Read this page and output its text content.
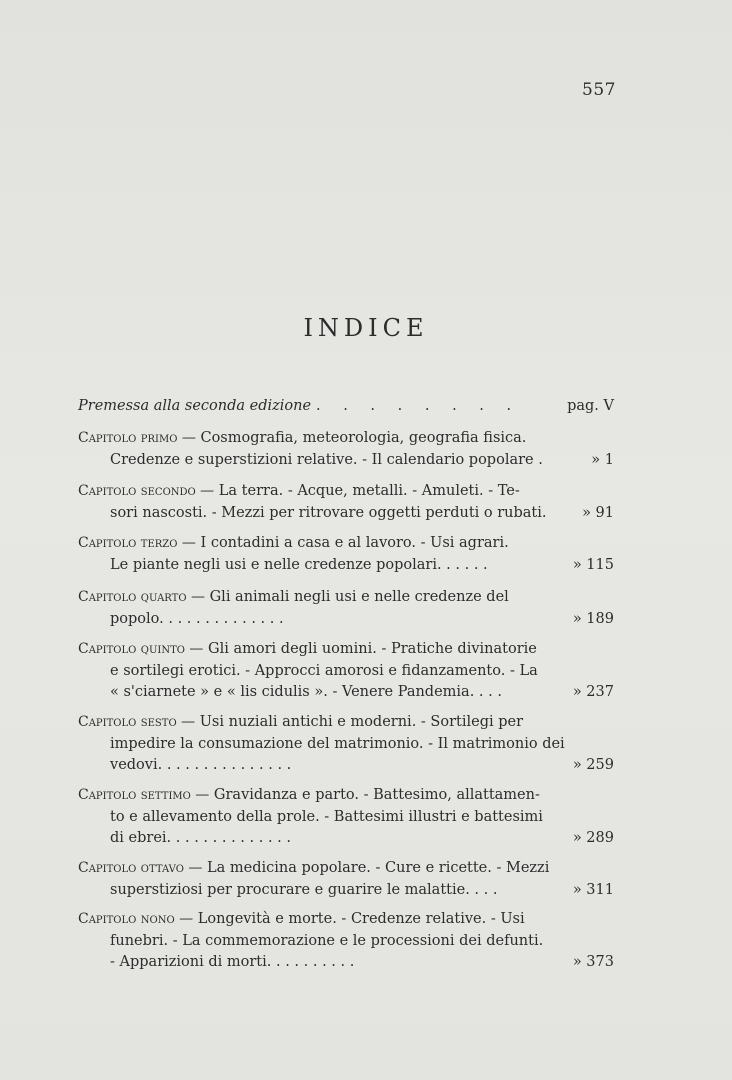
557
INDICE
Premessa alla seconda edizione . . . . . . . .	pag. V
Capitolo primo — Cosmografia, meteorologia, geografia fisica.
Credenze e superstizioni relative. - Il calendario popolare .	» 1
Capitolo secondo — La terra. - Acque, metalli. - Amuleti. - Te-
sori nascosti. - Mezzi per ritrovare oggetti perduti o rubati. » 91
Capitolo terzo — I contadini a casa e al lavoro. - Usi agrari.
Le piante negli usi e nelle credenze popolari. . . . . .	» 115
Capitolo quarto — Gli animali negli usi e nelle credenze del
popolo. . . . . . . . . . . . . .	» 189
Capitolo quinto — Gli amori degli uomini. - Pratiche divinatorie
e sortilegi erotici. - Approcci amorosi e fidanzamento. - La
« s'ciarnete » e « lis cidulis ». - Venere Pandemia. . . .	» 237
Capitolo sesto — Usi nuziali antichi e moderni. - Sortilegi per
impedire la consumazione del matrimonio. - Il matrimonio dei
vedovi. . . . . . . . . . . . . . .	» 259
Capitolo settimo — Gravidanza e parto. - Battesimo, allattamen-
to e allevamento della prole. - Battesimi illustri e battesimi
di ebrei. . . . . . . . . . . . . .	» 289
Capitolo ottavo — La medicina popolare. - Cure e ricette. - Mezzi
superstiziosi per procurare e guarire le malattie. . . .	» 311
Capitolo nono — Longevità e morte. - Credenze relative. - Usi
funebri. - La commemorazione e le processioni dei defunti.
- Apparizioni di morti. . . . . . . . . .	» 373
